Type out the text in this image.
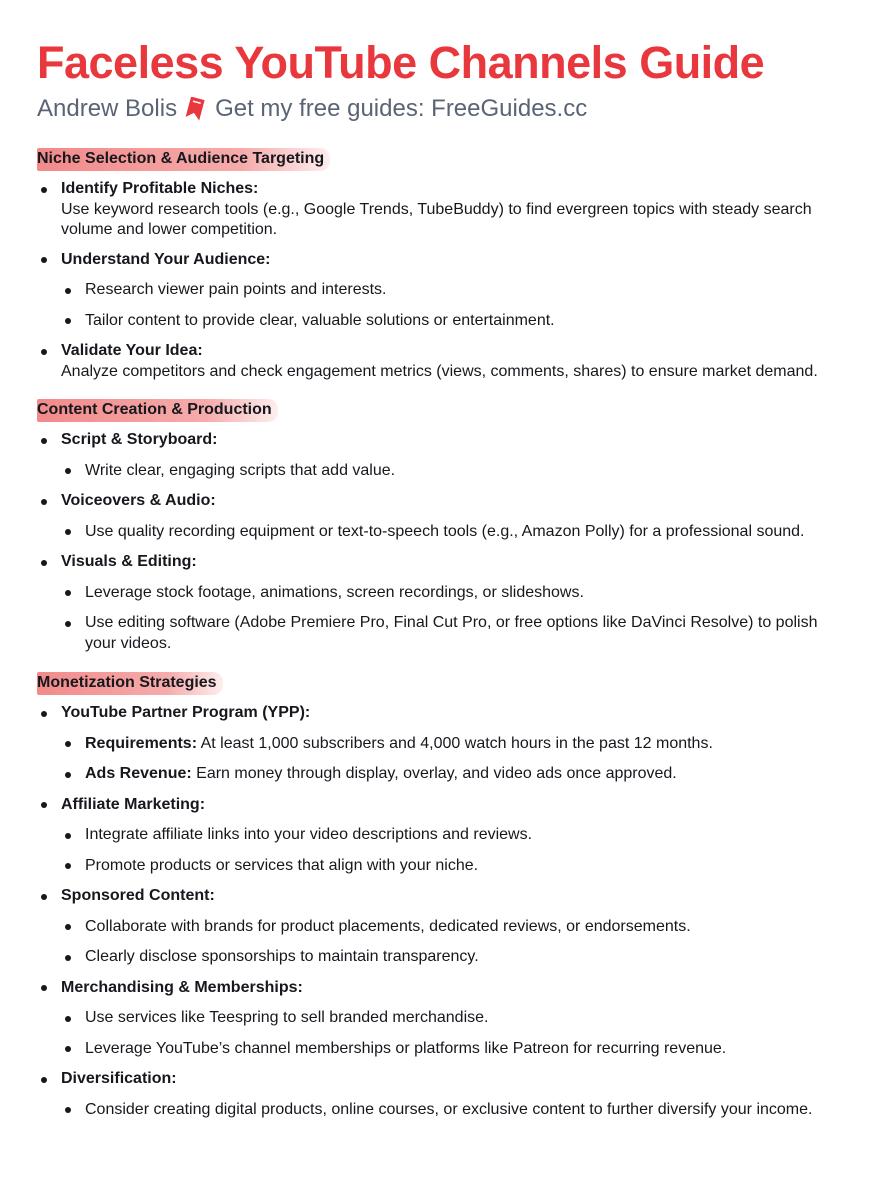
Faceless YouTube Channels Guide
Andrew Bolis Get my free guides: FreeGuides.cc
Niche Selection & Audience Targeting
Identify Profitable Niches:
Use keyword research tools (e.g., Google Trends, TubeBuddy) to find evergreen topics with steady search volume and lower competition.
Understand Your Audience:
Research viewer pain points and interests.
Tailor content to provide clear, valuable solutions or entertainment.
Validate Your Idea:
Analyze competitors and check engagement metrics (views, comments, shares) to ensure market demand.
Content Creation & Production
Script & Storyboard:
Write clear, engaging scripts that add value.
Voiceovers & Audio:
Use quality recording equipment or text-to-speech tools (e.g., Amazon Polly) for a professional sound.
Visuals & Editing:
Leverage stock footage, animations, screen recordings, or slideshows.
Use editing software (Adobe Premiere Pro, Final Cut Pro, or free options like DaVinci Resolve) to polish your videos.
Monetization Strategies
YouTube Partner Program (YPP):
Requirements: At least 1,000 subscribers and 4,000 watch hours in the past 12 months.
Ads Revenue: Earn money through display, overlay, and video ads once approved.
Affiliate Marketing:
Integrate affiliate links into your video descriptions and reviews.
Promote products or services that align with your niche.
Sponsored Content:
Collaborate with brands for product placements, dedicated reviews, or endorsements.
Clearly disclose sponsorships to maintain transparency.
Merchandising & Memberships:
Use services like Teespring to sell branded merchandise.
Leverage YouTube’s channel memberships or platforms like Patreon for recurring revenue.
Diversification:
Consider creating digital products, online courses, or exclusive content to further diversify your income.
